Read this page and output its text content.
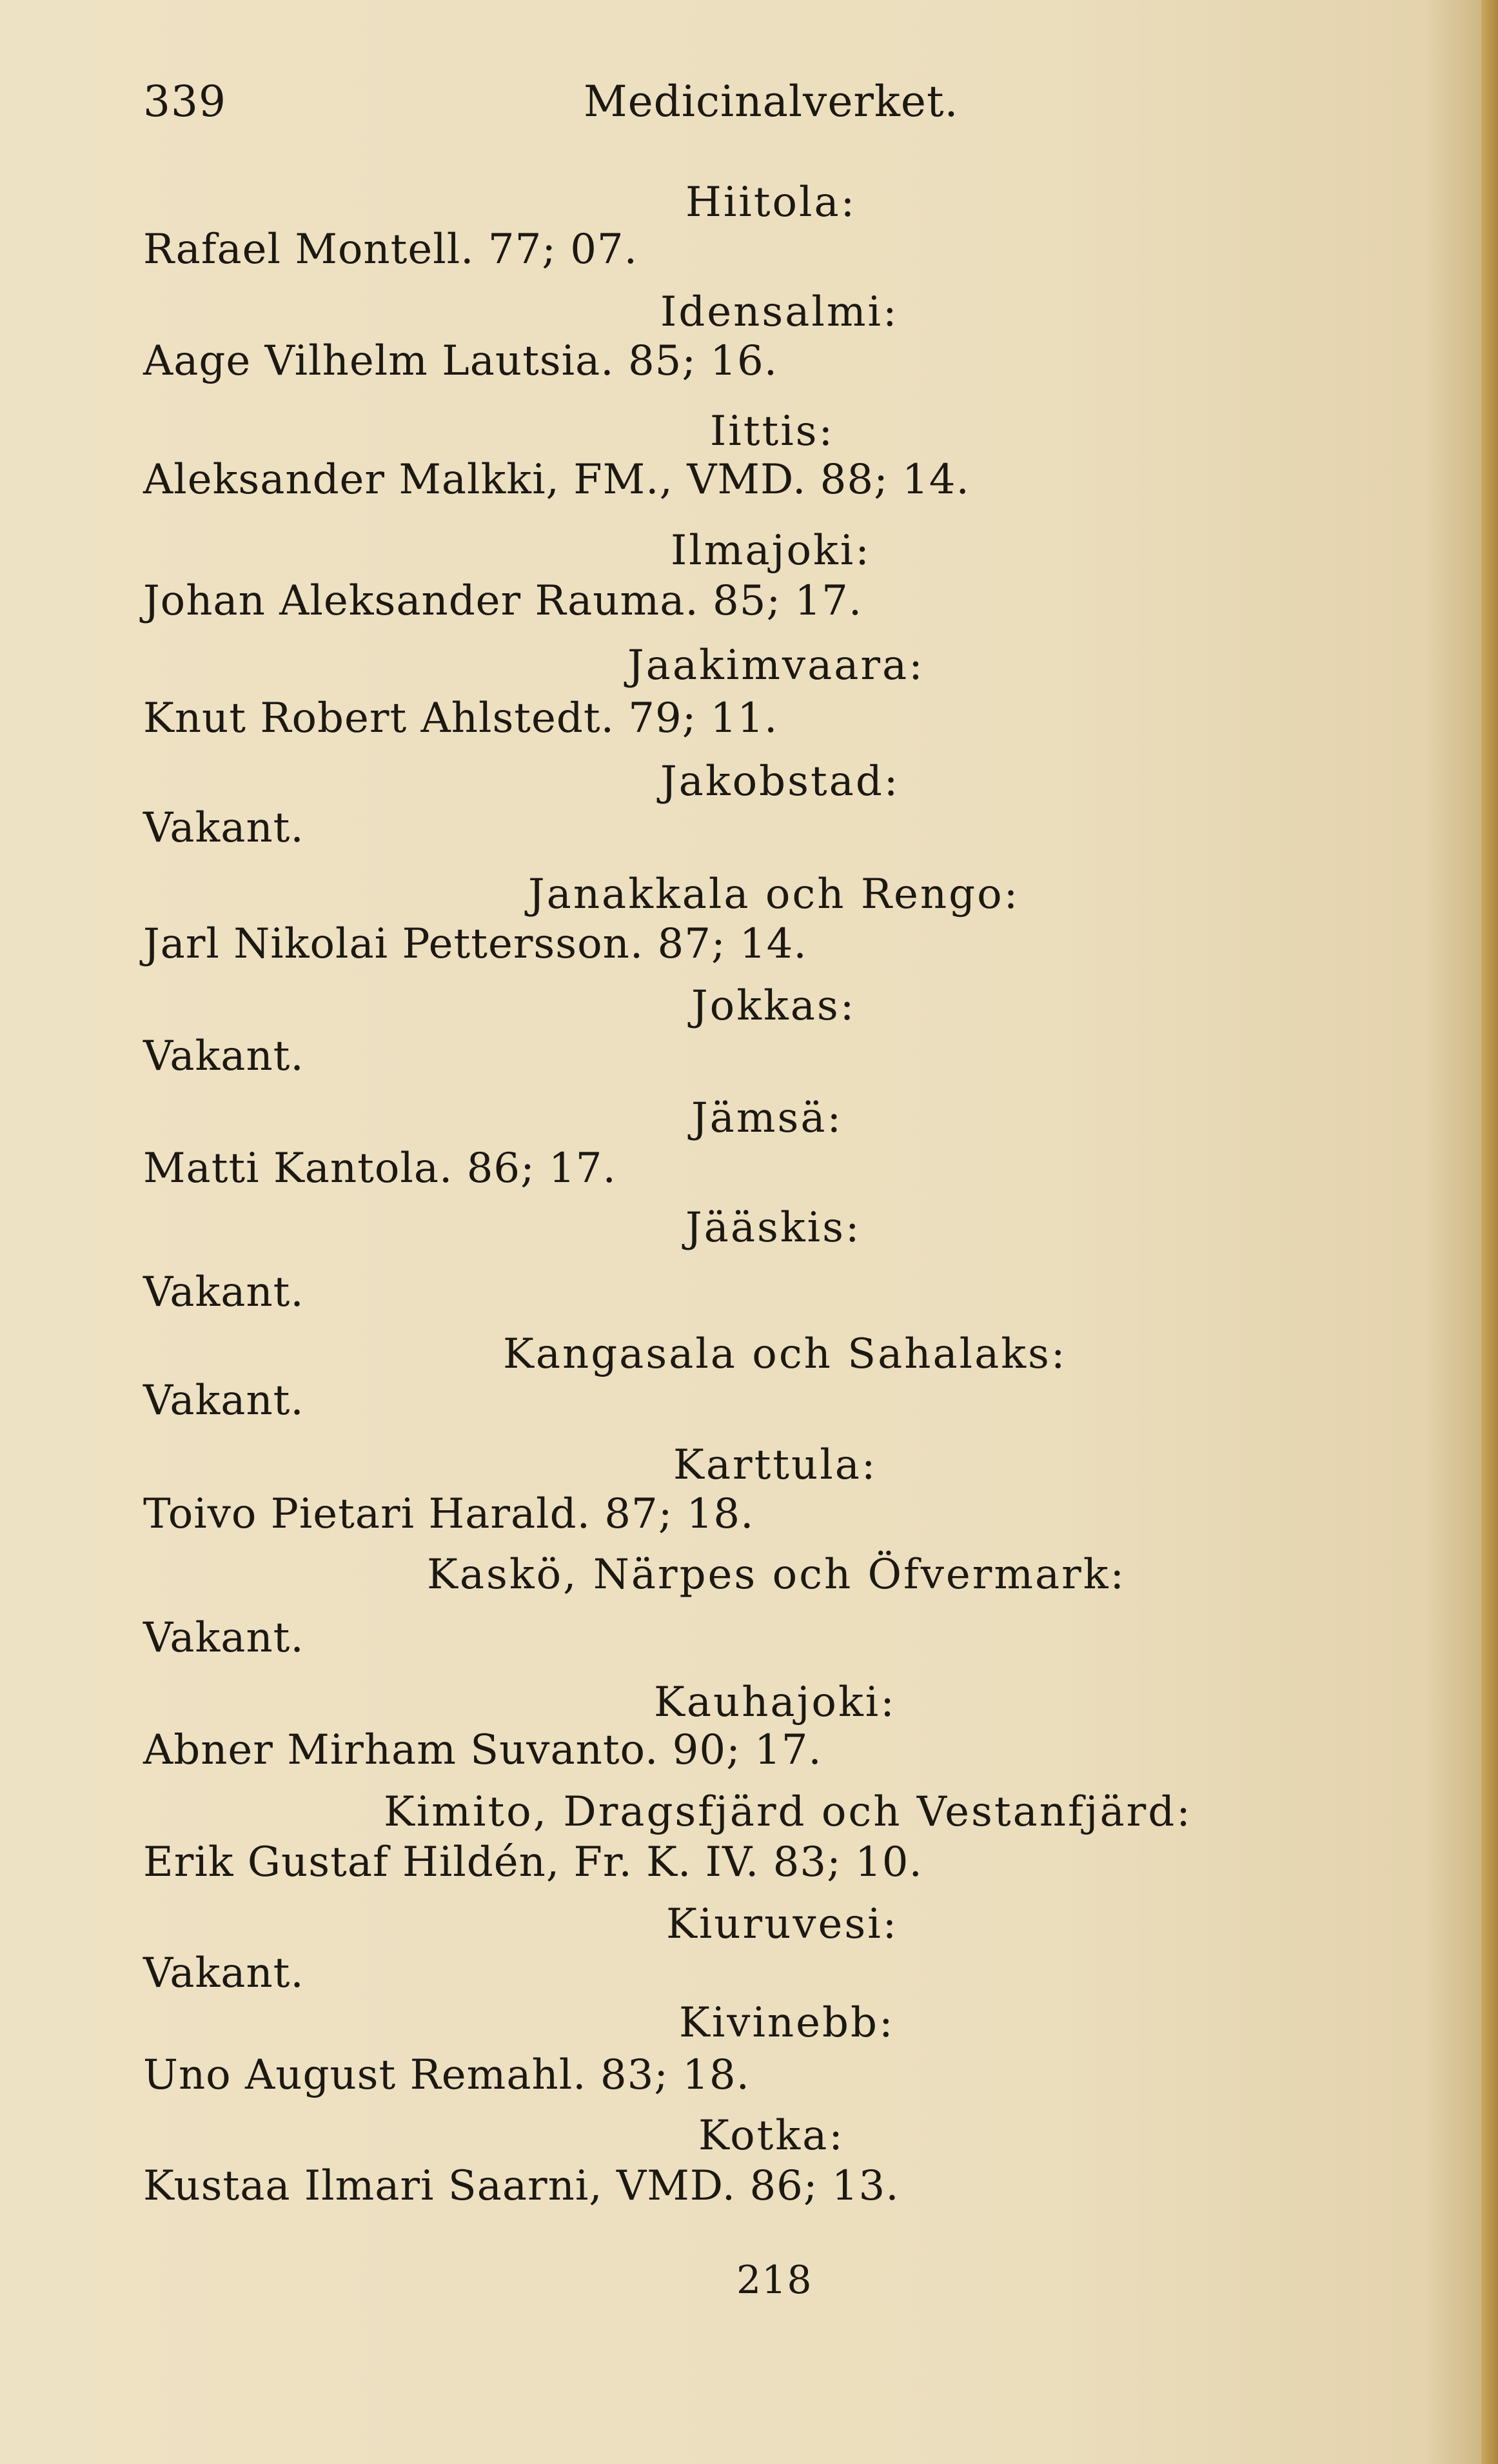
339	Medicinalverket.
Hiitola:
Rafael Montell. 77; 07.
Idensalmi:
Aage Vilhelm Lautsia. 85; 16.
Iittis:
Aleksander Malkki, FM., VMD. 88; 14.
Ilmajoki:
Johan Aleksander Rauma. 85; 17.
Jaakimvaara:
Knut Robert Ahlstedt. 79; 11.
Jakobstad:
Vakant.
Janakkala och Rengo:
Jarl Nikolai Pettersson. 87; 14.
Jokkas:
Vakant.
Jämsä:
Matti Kantola. 86; 17.
Jääskis:
Vakant.
Kangasala och Sahalaks:
Vakant.
Karttula:
Toivo Pietari Harald. 87; 18.
Kaskö, Närpes och Öfvermark:
Vakant.
Kauhajoki:
Abner Mirham Suvanto. 90; 17.
Kimito, Dragsfjärd och Vestanfjärd:
Erik Gustaf Hildén, Fr. K. IV. 83; 10.
Kiuruvesi:
Vakant.
Kivinebb:
Uno August Remahl. 83; 18.
Kotka:
Kustaa Ilmari Saarni, VMD. 86; 13.
218
